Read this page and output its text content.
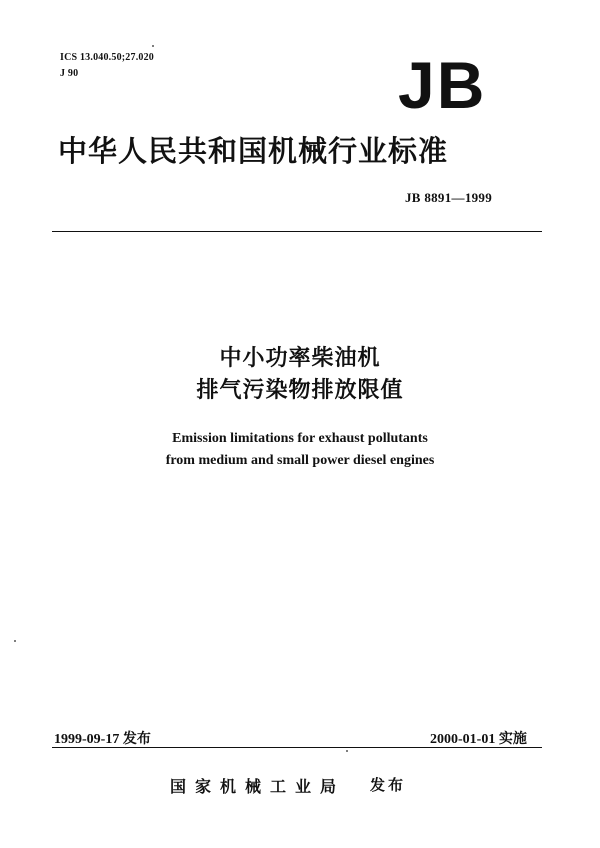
ICS 13.040.50;27.020
J 90	JB
中华人民共和国机械行业标准
JB 8891—1999
中小功率柴油机
排气污染物排放限值
Emission limitations for exhaust pollutants
from medium and small power diesel engines
1999-09-17 发布	2000-01-01 实施
国家机械工业局 发布
